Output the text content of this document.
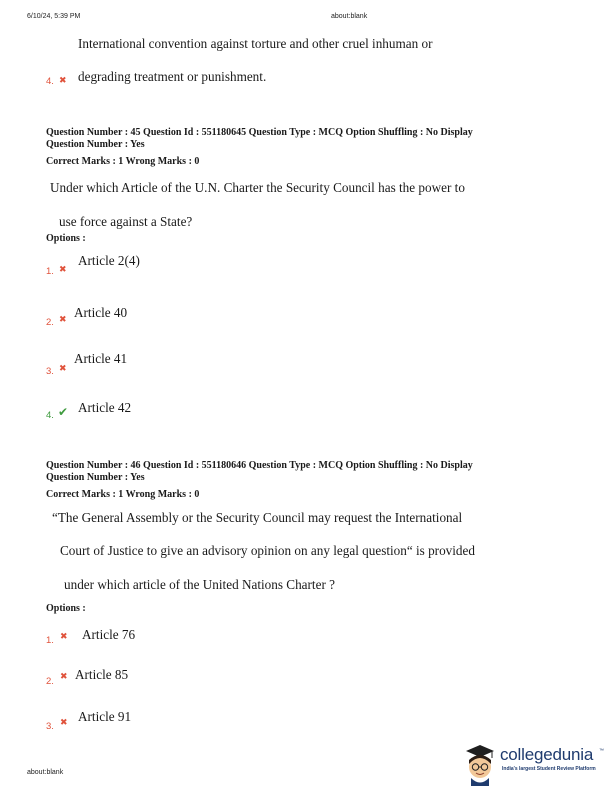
6/10/24, 5:39 PM	about:blank
International convention against torture and other cruel inhuman or
4. ✖ degrading treatment or punishment.
Question Number : 45 Question Id : 551180645 Question Type : MCQ Option Shuffling : No Display
Question Number : Yes
Correct Marks : 1 Wrong Marks : 0
Under which Article of the U.N. Charter the Security Council has the power to
use force against a State?
Options :
1. ✖
Article 2(4)
2. ✖ Article 40
3. ✖
Article 41
4. ✔ Article 42
Question Number : 46 Question Id : 551180646 Question Type : MCQ Option Shuffling : No Display
Question Number : Yes
Correct Marks : 1 Wrong Marks : 0
“The General Assembly or the Security Council may request the International
Court of Justice to give an advisory opinion on any legal question“ is provided
under which article of the United Nations Charter ?
Options :
1. ✖ Article 76
2. ✖ Article 85
3. ✖ Article 91
about:blank
collegedunia ™
India's largest Student Review Platform
